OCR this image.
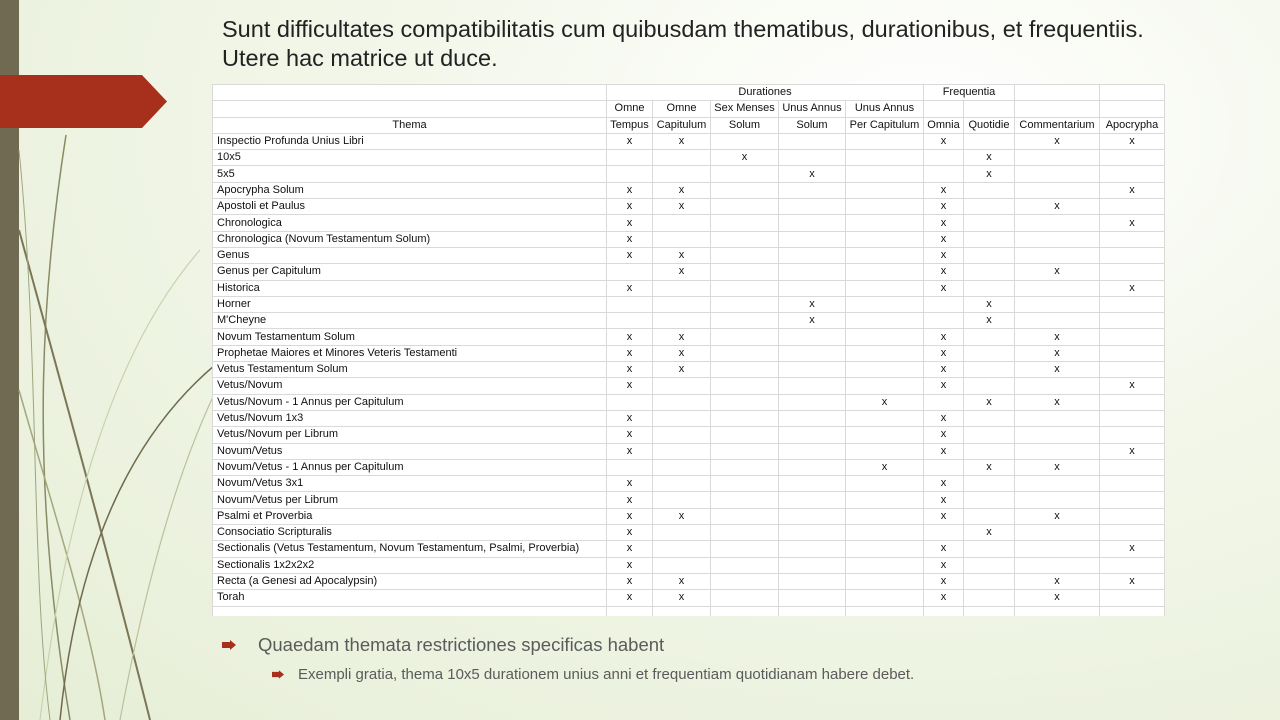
Sunt difficultates compatibilitatis cum quibusdam thematibus, durationibus, et frequentiis. Utere hac matrice ut duce.
	Durationes					Frequentia			
	Omne	Omne	Sex Menses	Unus Annus	Unus Annus				
Thema	Tempus	Capitulum	Solum	Solum	Per Capitulum	Omnia	Quotidie	Commentarium	Apocrypha
Inspectio Profunda Unius Libri	x	x				x		x	x
10x5			x				x		
5x5				x			x		
Apocrypha Solum	x	x				x			x
Apostoli et Paulus	x	x				x		x	
Chronologica	x					x			x
Chronologica (Novum Testamentum Solum)	x					x			
Genus	x	x				x			
Genus per Capitulum		x				x		x	
Historica	x					x			x
Horner				x			x		
M'Cheyne				x			x		
Novum Testamentum Solum	x	x				x		x	
Prophetae Maiores et Minores Veteris Testamenti	x	x				x		x	
Vetus Testamentum Solum	x	x				x		x	
Vetus/Novum	x					x			x
Vetus/Novum - 1 Annus per Capitulum					x		x	x	
Vetus/Novum 1x3	x					x			
Vetus/Novum per Librum	x					x			
Novum/Vetus	x					x			x
Novum/Vetus - 1 Annus per Capitulum					x		x	x	
Novum/Vetus 3x1	x					x			
Novum/Vetus per Librum	x					x			
Psalmi et Proverbia	x	x				x		x	
Consociatio Scripturalis	x						x		
Sectionalis (Vetus Testamentum, Novum Testamentum, Psalmi, Proverbia)	x					x			x
Sectionalis 1x2x2x2	x					x			
Recta (a Genesi ad Apocalypsin)	x	x				x		x	x
Torah	x	x				x		x	

Quaedam themata restrictiones specificas habent
Exempli gratia, thema 10x5 durationem unius anni et frequentiam quotidianam habere debet.
